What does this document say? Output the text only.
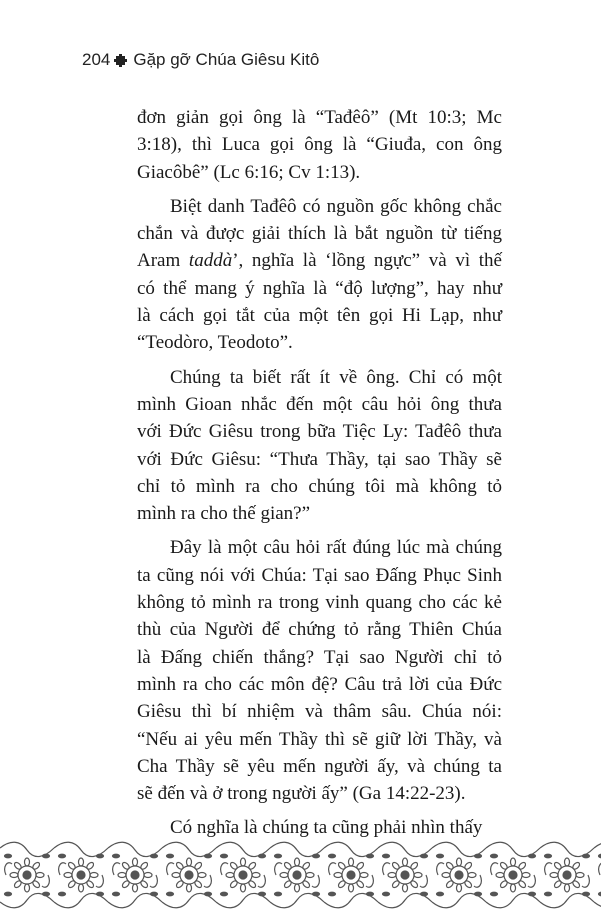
204 Gặp gỡ Chúa Giêsu Kitô
đơn giản gọi ông là “Tađêô” (Mt 10:3; Mc
3:18), thì Luca gọi ông là “Giuđa, con ông
Giacôbê” (Lc 6:16; Cv 1:13).
Biệt danh Tađêô có nguồn gốc không chắc
chắn và được giải thích là bắt nguồn từ tiếng
Aram taddà’, nghĩa là ‘lồng ngực” và vì thế
có thể mang ý nghĩa là “độ lượng”, hay như
là cách gọi tắt của một tên gọi Hi Lạp, như
“Teodòro, Teodoto”.
Chúng ta biết rất ít về ông. Chỉ có một
mình Gioan nhắc đến một câu hỏi ông thưa
với Đức Giêsu trong bữa Tiệc Ly: Tađêô thưa
với Đức Giêsu: “Thưa Thầy, tại sao Thầy sẽ
chỉ tỏ mình ra cho chúng tôi mà không tỏ
mình ra cho thế gian?”
Đây là một câu hỏi rất đúng lúc mà chúng
ta cũng nói với Chúa: Tại sao Đấng Phục Sinh
không tỏ mình ra trong vinh quang cho các kẻ
thù của Người để chứng tỏ rằng Thiên Chúa
là Đấng chiến thắng? Tại sao Người chỉ tỏ
mình ra cho các môn đệ? Câu trả lời của Đức
Giêsu thì bí nhiệm và thâm sâu. Chúa nói:
“Nếu ai yêu mến Thầy thì sẽ giữ lời Thầy, và
Cha Thầy sẽ yêu mến người ấy, và chúng ta
sẽ đến và ở trong người ấy” (Ga 14:22-23).
Có nghĩa là chúng ta cũng phải nhìn thấy
